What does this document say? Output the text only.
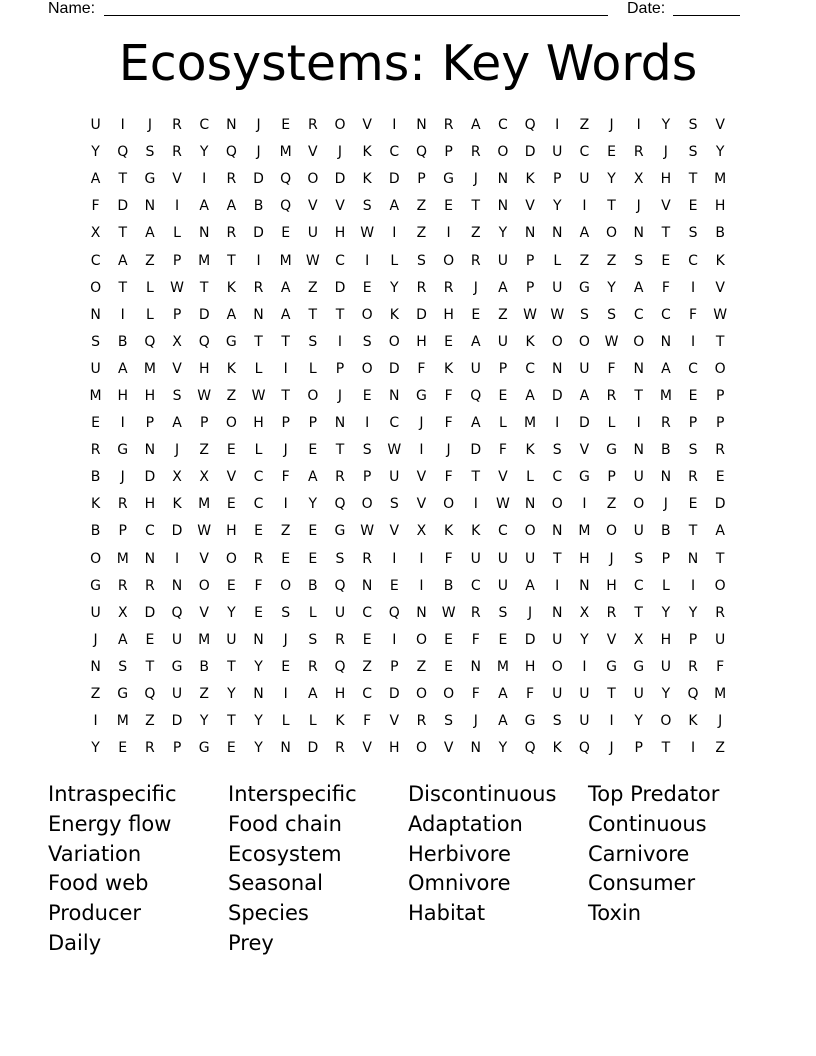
Name:	Date:
Ecosystems: Key Words
U	I	J	R	C	N	J	E	R	O	V	I	N	R	A	C	Q	I	Z	J	I	Y	S	V
Y	Q	S	R	Y	Q	J	M	V	J	K	C	Q	P	R	O	D	U	C	E	R	J	S	Y
A	T	G	V	I	R	D	Q	O	D	K	D	P	G	J	N	K	P	U	Y	X	H	T	M
F	D	N	I	A	A	B	Q	V	V	S	A	Z	E	T	N	V	Y	I	T	J	V	E	H
X	T	A	L	N	R	D	E	U	H	W	I	Z	I	Z	Y	N	N	A	O	N	T	S	B
C	A	Z	P	M	T	I	M	W	C	I	L	S	O	R	U	P	L	Z	Z	S	E	C	K
O	T	L	W	T	K	R	A	Z	D	E	Y	R	R	J	A	P	U	G	Y	A	F	I	V
N	I	L	P	D	A	N	A	T	T	O	K	D	H	E	Z	W W	S	S	C	C	F	W
S	B	Q	X	Q	G	T	T	S	I	S	O	H	E	A	U	K	O	O	W	O	N	I	T
U	A	M	V	H	K	L	I	L	P	O	D	F	K	U	P	C	N	U	F	N	A	C	O
M	H	H	S	W	Z	W	T	O	J	E	N	G	F	Q	E	A	D	A	R	T	M	E	P
E	I	P	A	P	O	H	P	P	N	I	C	J	F	A	L	M	I	D	L	I	R	P	P
R	G	N	J	Z	E	L	J	E	T	S	W	I	J	D	F	K	S	V	G	N	B	S	R
B	J	D	X	X	V	C	F	A	R	P	U	V	F	T	V	L	C	G	P	U	N	R	E
K	R	H	K	M	E	C	I	Y	Q	O	S	V	O	I	W	N	O	I	Z	O	J	E	D
B	P	C	D	W	H	E	Z	E	G	W	V	X	K	K	C	O	N	M	O	U	B	T	A
O	M	N	I	V	O	R	E	E	S	R	I	I	F	U	U	U	T	H	J	S	P	N	T
G	R	R	N	O	E	F	O	B	Q	N	E	I	B	C	U	A	I	N	H	C	L	I	O
U	X	D	Q	V	Y	E	S	L	U	C	Q	N	W	R	S	J	N	X	R	T	Y	Y	R
J	A	E	U	M	U	N	J	S	R	E	I	O	E	F	E	D	U	Y	V	X	H	P	U
N	S	T	G	B	T	Y	E	R	Q	Z	P	Z	E	N	M	H	O	I	G	G	U	R	F
Z	G	Q	U	Z	Y	N	I	A	H	C	D	O	O	F	A	F	U	U	T	U	Y	Q	M
I	M	Z	D	Y	T	Y	L	L	K	F	V	R	S	J	A	G	S	U	I	Y	O	K	J
Y	E	R	P	G	E	Y	N	D	R	V	H	O	V	N	Y	Q	K	Q	J	P	T	I	Z
Intraspecific
Energy flow
Variation
Food web
Producer
Daily
Interspecific
Food chain
Ecosystem
Seasonal
Species
Prey
Discontinuous
Adaptation
Herbivore
Omnivore
Habitat
Top Predator
Continuous
Carnivore
Consumer
Toxin
